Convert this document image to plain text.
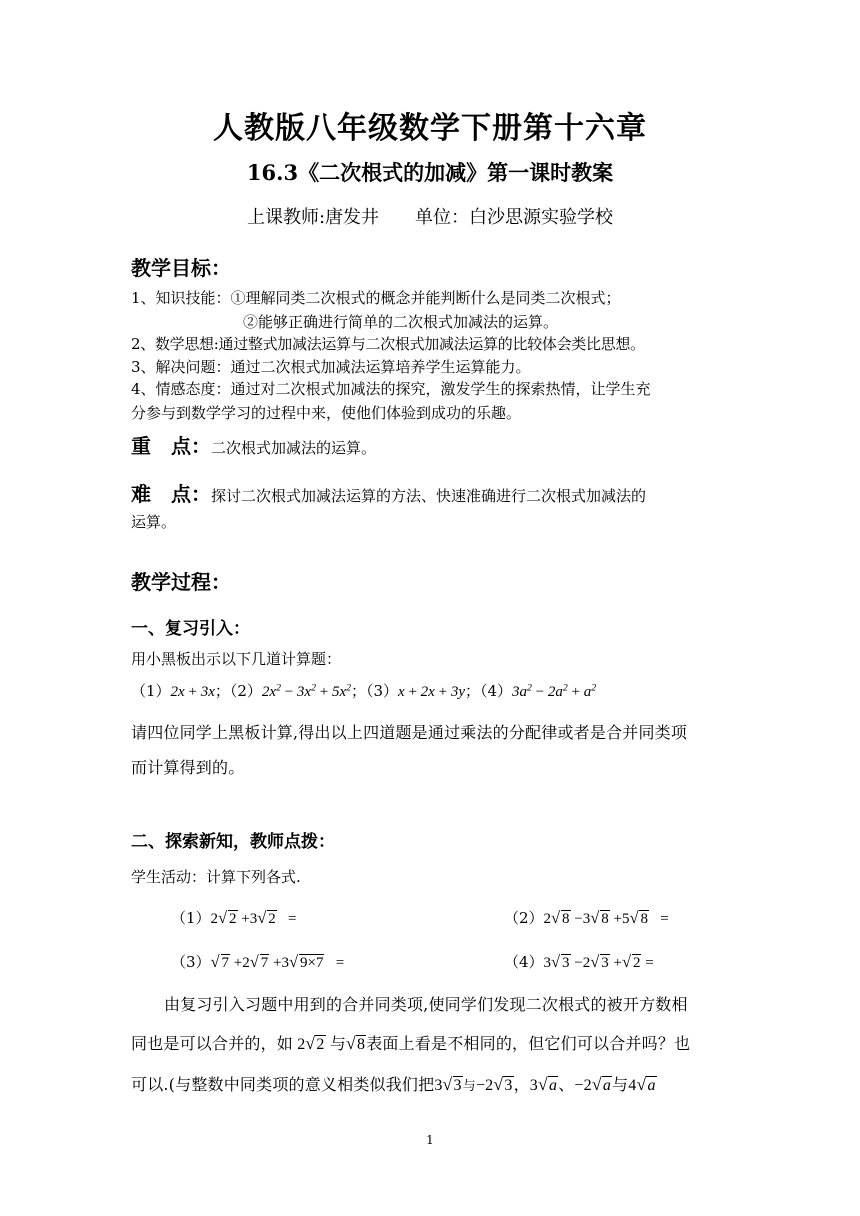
人教版八年级数学下册第十六章
16.3《二次根式的加减》第一课时教案
上课教师:唐发井　　单位：白沙思源实验学校
教学目标：
1、知识技能：①理解同类二次根式的概念并能判断什么是同类二次根式；
②能够正确进行简单的二次根式加减法的运算。
2、数学思想:通过整式加减法运算与二次根式加减法运算的比较体会类比思想。
3、解决问题：通过二次根式加减法运算培养学生运算能力。
4、情感态度：通过对二次根式加减法的探究，激发学生的探索热情，让学生充
分参与到数学学习的过程中来，使他们体验到成功的乐趣。
重　点：二次根式加减法的运算。
难　点：探讨二次根式加减法运算的方法、快速准确进行二次根式加减法的
运算。
教学过程：
一、复习引入：
用小黑板出示以下几道计算题：
（1）2x + 3x；$(2)2x^2 - 3x^2 + 5x^2$；（3）x + 2x + 3y；$(4)3a^2 - 2a^2 + a^2$
请四位同学上黑板计算,得出以上四道题是通过乘法的分配律或者是合并同类项
而计算得到的。
二、探索新知，教师点拨：
学生活动：计算下列各式.
（1）2 √ 2 +3 √ 2   =	（2）2 √ 8 −3 √ 8 +5 √ 8   =
（3） √ 7 +2 √ 7 +3 √ 9×7   =	（4）3 √ 3 −2 √ 3 + √ 2 =
由复习引入习题中用到的合并同类项,使同学们发现二次根式的被开方数相
同也是可以合并的，如 2 √ 2 与 √ 8表面上看是不相同的，但它们可以合并吗？也
可以.(与整数中同类项的意义相类似我们把3 √ 3与−2 √ 3，3 √ a、−2 √ a与4 √ a
1
